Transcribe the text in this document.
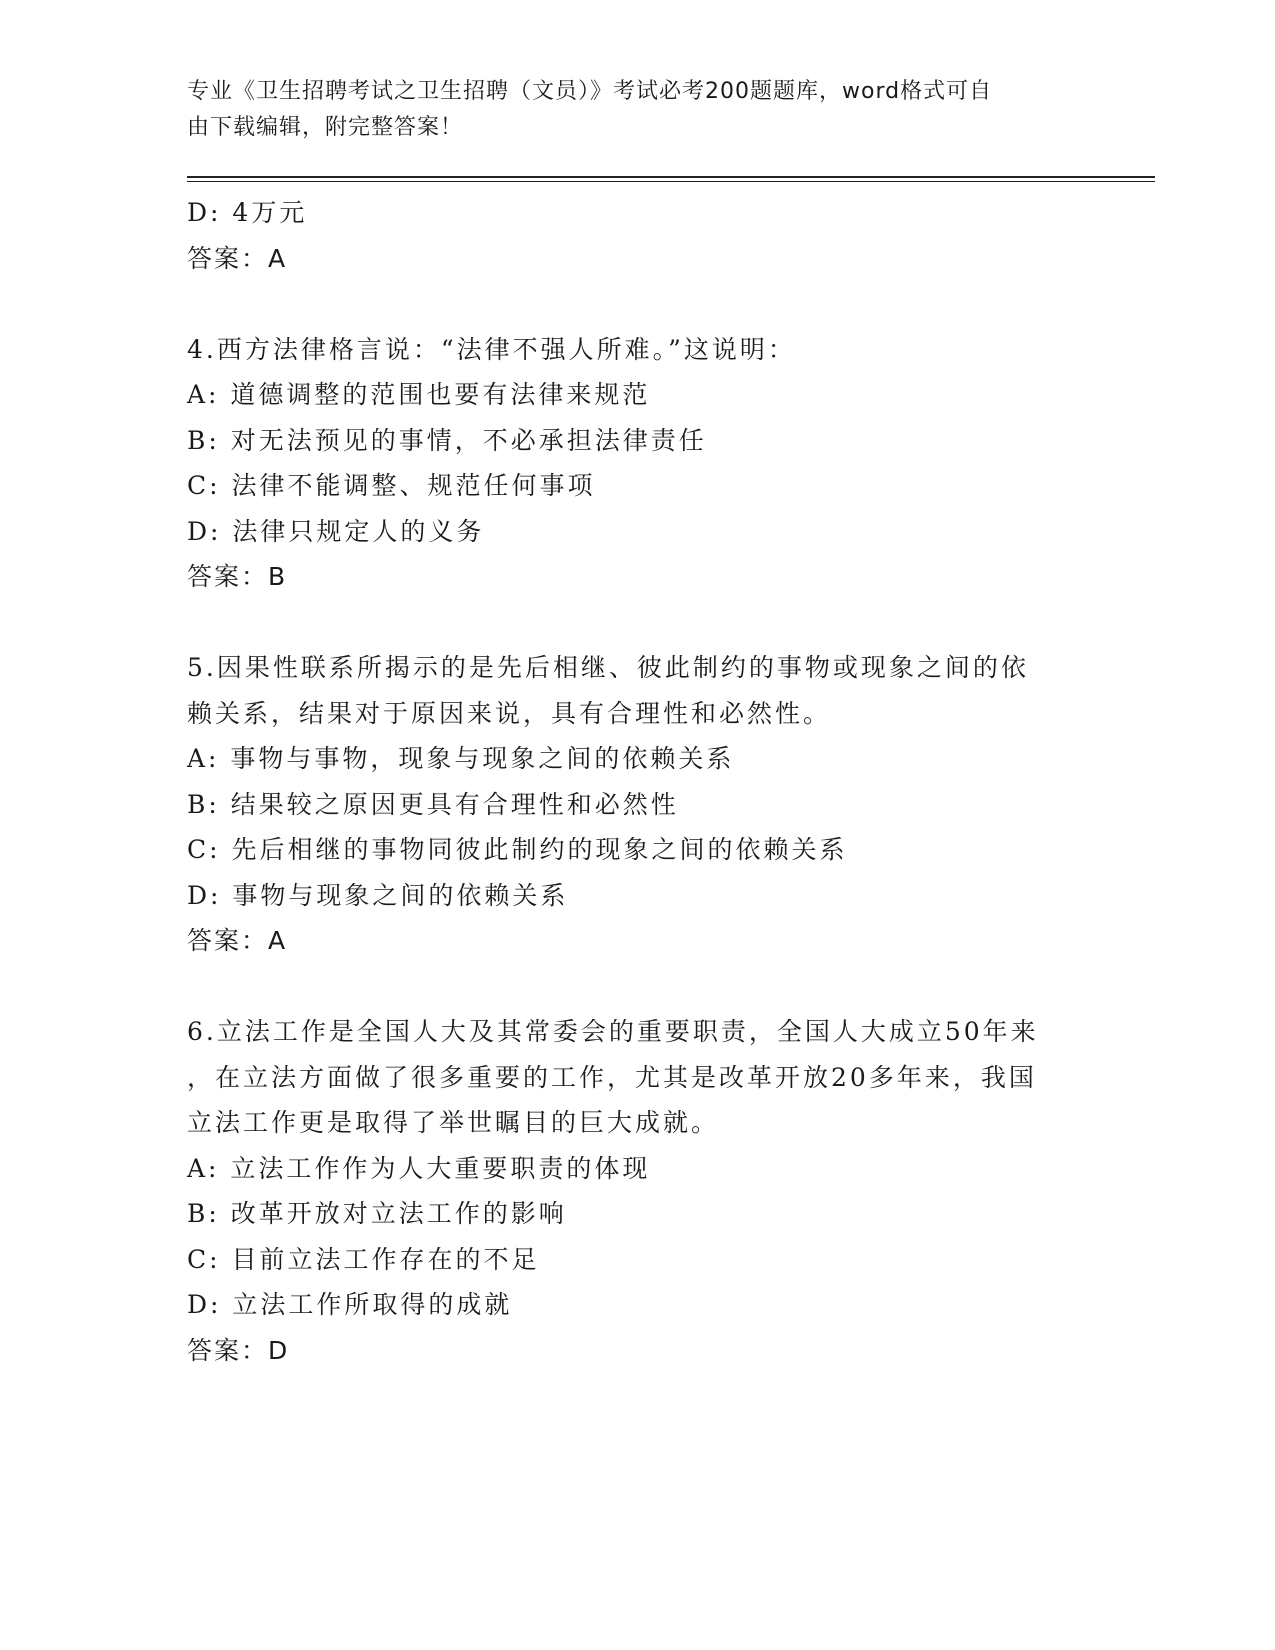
专业《卫生招聘考试之卫生招聘（文员）》考试必考200题题库，word格式可自
由下载编辑，附完整答案！
D: 4万元
答案：A
4.西方法律格言说：“法律不强人所难。”这说明：
A: 道德调整的范围也要有法律来规范
B: 对无法预见的事情，不必承担法律责任
C: 法律不能调整、规范任何事项
D: 法律只规定人的义务
答案：B
5.因果性联系所揭示的是先后相继、彼此制约的事物或现象之间的依
赖关系，结果对于原因来说，具有合理性和必然性。
A: 事物与事物，现象与现象之间的依赖关系
B: 结果较之原因更具有合理性和必然性
C: 先后相继的事物同彼此制约的现象之间的依赖关系
D: 事物与现象之间的依赖关系
答案：A
6.立法工作是全国人大及其常委会的重要职责，全国人大成立50年来
，在立法方面做了很多重要的工作，尤其是改革开放20多年来，我国
立法工作更是取得了举世瞩目的巨大成就。
A: 立法工作作为人大重要职责的体现
B: 改革开放对立法工作的影响
C: 目前立法工作存在的不足
D: 立法工作所取得的成就
答案：D
